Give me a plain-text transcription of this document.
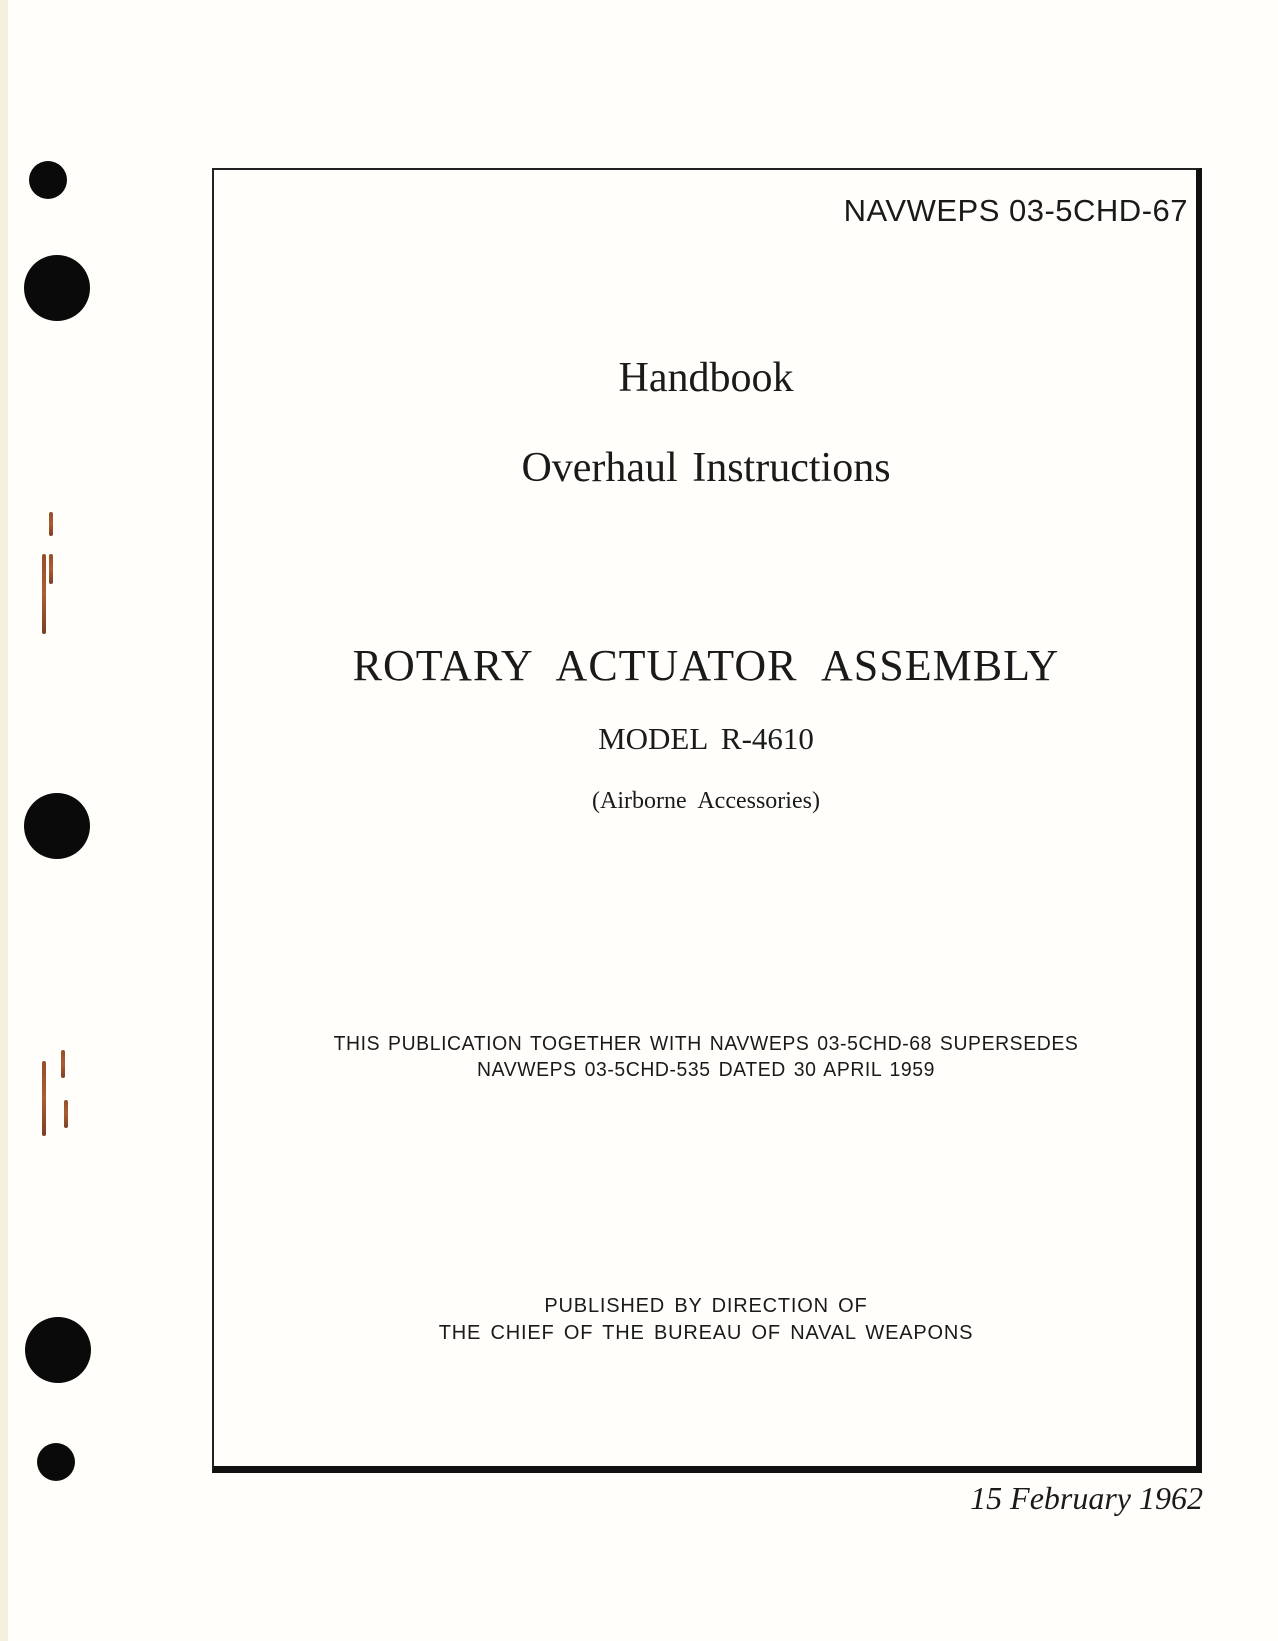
NAVWEPS 03-5CHD-67
Handbook
Overhaul Instructions
ROTARY ACTUATOR ASSEMBLY
MODEL R-4610
(Airborne Accessories)
THIS PUBLICATION TOGETHER WITH NAVWEPS 03-5CHD-68 SUPERSEDES
NAVWEPS 03-5CHD-535 DATED 30 APRIL 1959
PUBLISHED BY DIRECTION OF
THE CHIEF OF THE BUREAU OF NAVAL WEAPONS
15 February 1962
